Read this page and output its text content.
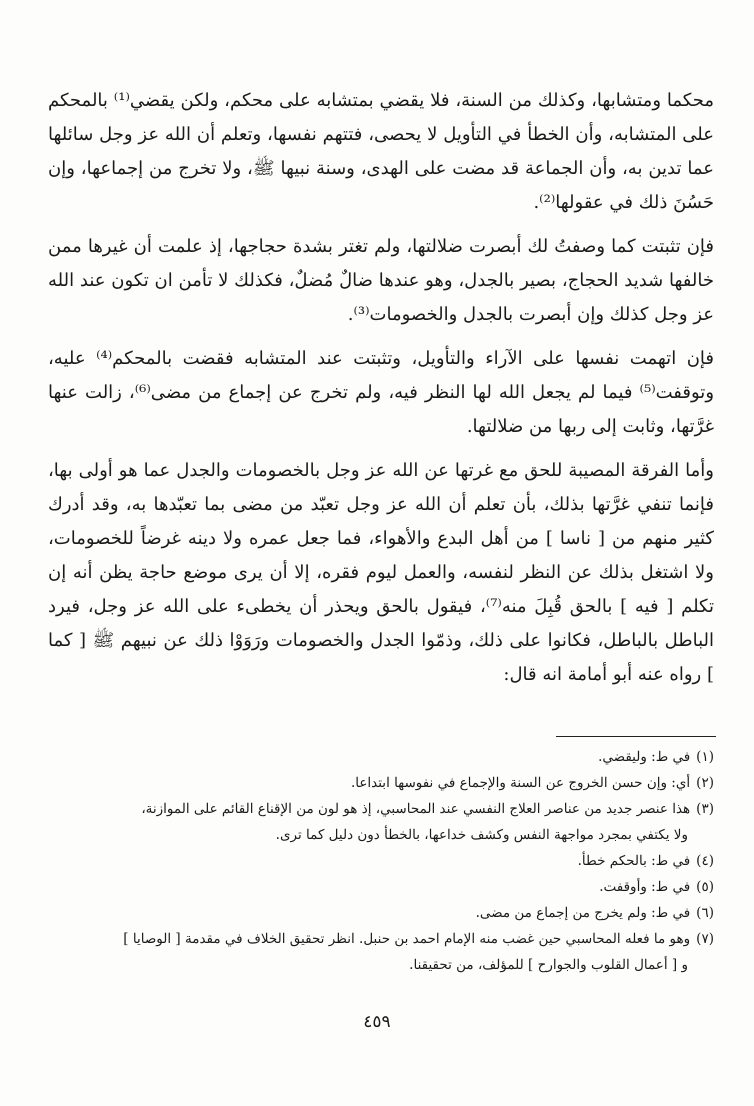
محكما ومتشابها، وكذلك من السنة، فلا يقضي بمتشابه على محكم، ولكن يقضي⁽¹⁾ بالمحكم على المتشابه، وأن الخطأ في التأويل لا يحصى، فتتهم نفسها، وتعلم أن الله عز وجل سائلها عما تدين به، وأن الجماعة قد مضت على الهدى، وسنة نبيها ﷺ، ولا تخرج من إجماعها، وإن حَسُنَ ذلك في عقولها⁽²⁾.

فإن تثبتت كما وصفتُ لك أبصرت ضلالتها، ولم تغتر بشدة حجاجها، إذ علمت أن غيرها ممن خالفها شديد الحجاج، بصير بالجدل، وهو عندها ضالٌ مُضلٌ، فكذلك لا تأمن ان تكون عند الله عز وجل كذلك وإن أبصرت بالجدل والخصومات⁽³⁾.

فإن اتهمت نفسها على الآراء والتأويل، وتثبتت عند المتشابه فقضت بالمحكم⁽⁴⁾ عليه، وتوقفت⁽⁵⁾ فيما لم يجعل الله لها النظر فيه، ولم تخرج عن إجماع من مضى⁽⁶⁾، زالت عنها غرَّتها، وثابت إلى ربها من ضلالتها.

وأما الفرقة المصيبة للحق مع غرتها عن الله عز وجل بالخصومات والجدل عما هو أولى بها، فإنما تنفي غرَّتها بذلك، بأن تعلم أن الله عز وجل تعبّد من مضى بما تعبّدها به، وقد أدرك كثير منهم من [ ناسا ] من أهل البدع والأهواء، فما جعل عمره ولا دينه غرضاً للخصومات، ولا اشتغل بذلك عن النظر لنفسه، والعمل ليوم فقره، إلا أن يرى موضع حاجة يظن أنه إن تكلم [ فيه ] بالحق قُبِلَ منه⁽⁷⁾، فيقول بالحق ويحذر أن يخطىء على الله عز وجل، فيرد الباطل بالباطل، فكانوا على ذلك، وذمّوا الجدل والخصومات ورَوَوْا ذلك عن نبيهم ﷺ [ كما ] رواه عنه أبو أمامة انه قال:

(١)في ط: وليقضي.

(٢)أي: وإن حسن الخروج عن السنة والإجماع في نفوسها ابتداعا.

(٣)هذا عنصر جديد من عناصر العلاج النفسي عند المحاسبي، إذ هو لون من الإقناع القائم على الموازنة،

ولا يكتفي بمجرد مواجهة النفس وكشف خداعها، بالخطأ دون دليل كما ترى.

(٤)في ط: بالحكم خطأ.

(٥)في ط: وأوقفت.

(٦)في ط: ولم يخرج من إجماع من مضى.

(٧)وهو ما فعله المحاسبي حين غضب منه الإمام احمد بن حنبل. انظر تحقيق الخلاف في مقدمة [ الوصايا ]

و [ أعمال القلوب والجوارح ] للمؤلف، من تحقيقنا.

٤٥٩
